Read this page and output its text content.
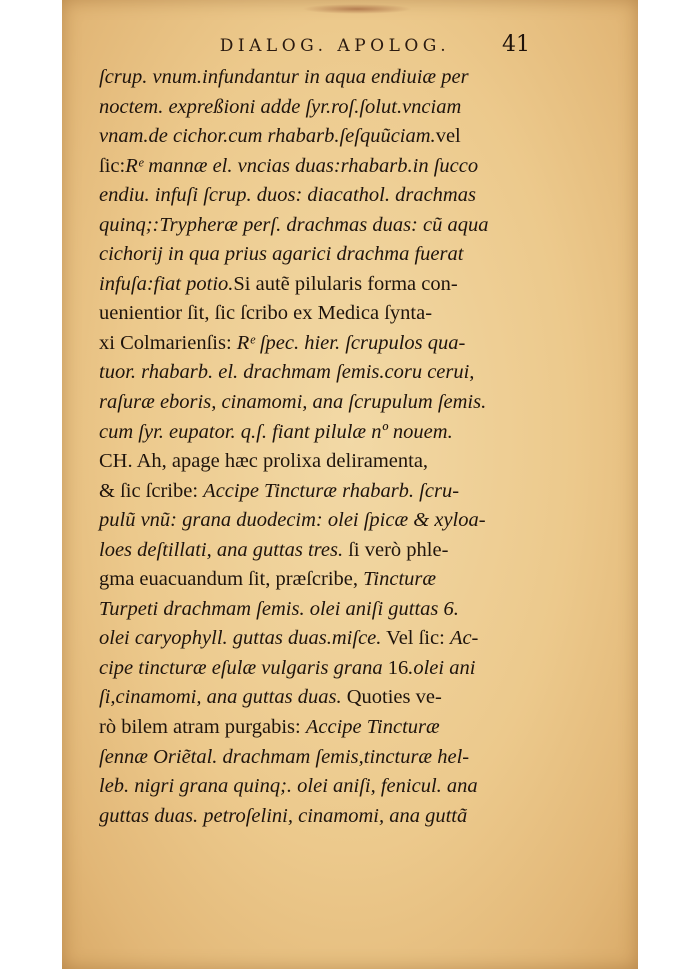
DIALOG. APOLOG.	41
ſcrup. vnum.infundantur in aqua endiuiæ per
noctem. expreßioni adde ſyr.roſ.ſolut.vnciam
vnam.de cichor.cum rhabarb.ſeſquũciam.vel
ſic:Rᵉ mannæ el. vncias duas:rhabarb.in ſucco
endiu. infuſi ſcrup. duos: diacathol. drachmas
quinq;:Trypheræ perſ. drachmas duas: cũ aqua
cichorij in qua prius agarici drachma fuerat
infuſa:fiat potio.Si autẽ pilularis forma con-
uenientior ſit, ſic ſcribo ex Medica ſynta-
xi Colmarienſis: Rᵉ ſpec. hier. ſcrupulos qua-
tuor. rhabarb. el. drachmam ſemis.coru cerui,
raſuræ eboris, cinamomi, ana ſcrupulum ſemis.
cum ſyr. eupator. q.ſ. fiant pilulæ nº nouem.
CH. Ah, apage hæc prolixa deliramenta,
& ſic ſcribe: Accipe Tincturæ rhabarb. ſcru-
pulũ vnũ: grana duodecim: olei ſpicæ & xyloa-
loes deſtillati, ana guttas tres. ſi verò phle-
gma euacuandum ſit, præſcribe, Tincturæ
Turpeti drachmam ſemis. olei aniſi guttas 6.
olei caryophyll. guttas duas.miſce. Vel ſic: Ac-
cipe tincturæ eſulæ vulgaris grana 16.olei ani
ſi,cinamomi, ana guttas duas. Quoties ve-
rò bilem atram purgabis: Accipe Tincturæ
ſennæ Oriẽtal. drachmam ſemis,tincturæ hel-
leb. nigri grana quinq;. olei aniſi, fenicul. ana
guttas duas. petroſelini, cinamomi, ana guttã
